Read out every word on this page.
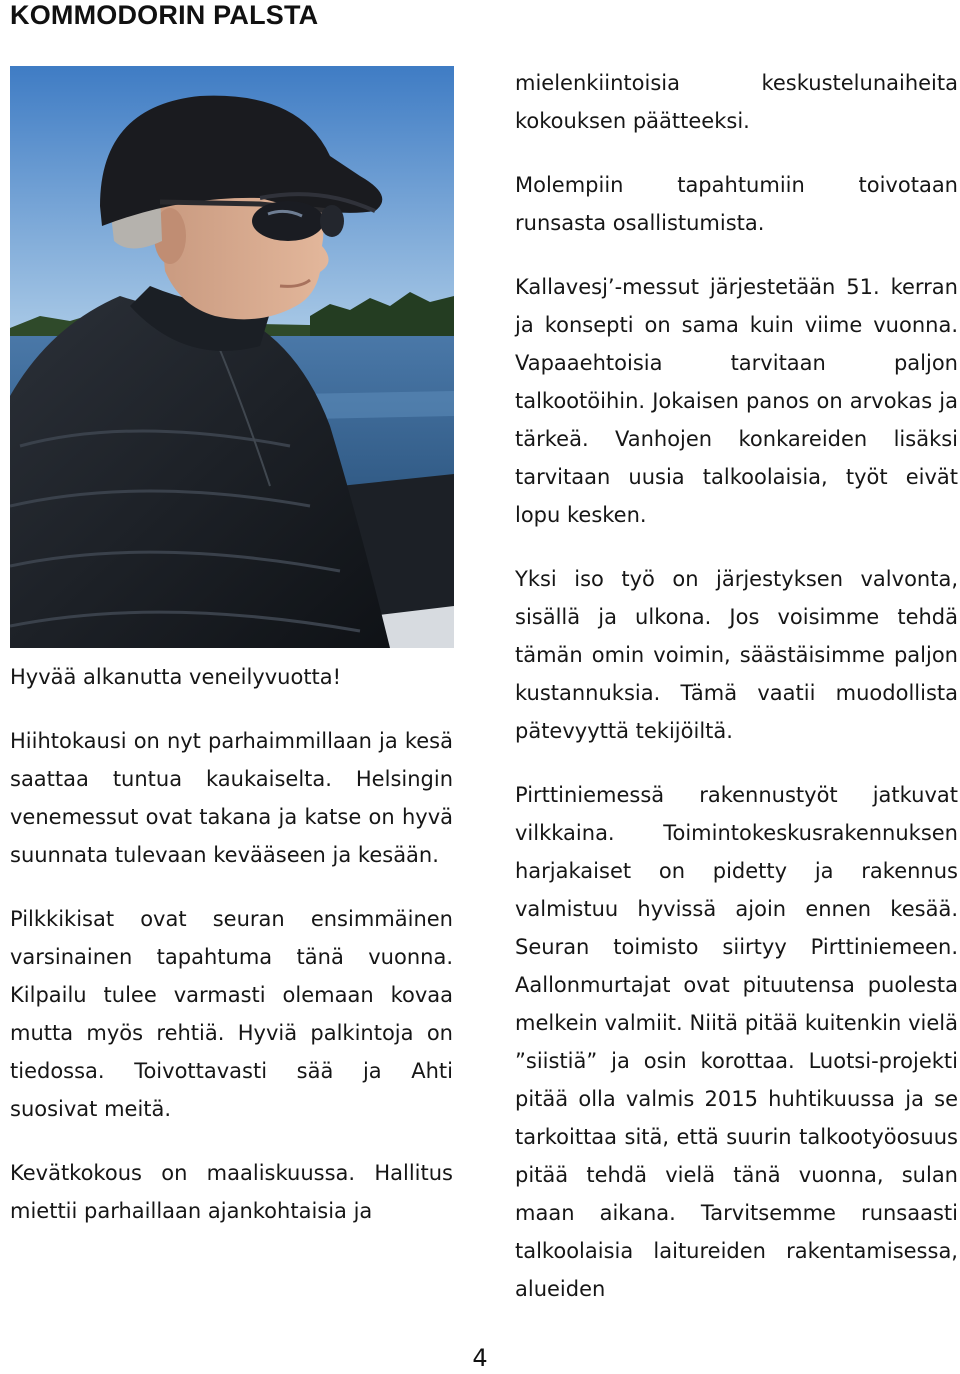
KOMMODORIN PALSTA

Hyvää alkanutta veneilyvuotta!

Hiihtokausi on nyt parhaimmillaan ja kesä saattaa tuntua kaukaiselta. Helsingin venemessut ovat takana ja katse on hyvä suunnata tulevaan kevääseen ja kesään.

Pilkkikisat ovat seuran ensimmäinen varsinainen tapahtuma tänä vuonna. Kilpailu tulee varmasti olemaan kovaa mutta myös rehtiä. Hyviä palkintoja on tiedossa. Toivottavasti sää ja Ahti suosivat meitä.

Kevätkokous on maaliskuussa. Hallitus miettii parhaillaan ajankohtaisia ja

mielenkiintoisia keskustelunaiheita kokouksen päätteeksi.

Molempiin tapahtumiin toivotaan runsasta osallistumista.

Kallavesj’-messut järjestetään 51. kerran ja konsepti on sama kuin viime vuonna. Vapaaehtoisia tarvitaan paljon talkootöihin. Jokaisen panos on arvokas ja tärkeä. Vanhojen konkareiden lisäksi tarvitaan uusia talkoolaisia, työt eivät lopu kesken.

Yksi iso työ on järjestyksen valvonta, sisällä ja ulkona. Jos voisimme tehdä tämän omin voimin, säästäisimme paljon kustannuksia. Tämä vaatii muodollista pätevyyttä tekijöiltä.

Pirttiniemessä rakennustyöt jatkuvat vilkkaina. Toimintokeskusrakennuksen harjakaiset on pidetty ja rakennus valmistuu hyvissä ajoin ennen kesää. Seuran toimisto siirtyy Pirttiniemeen. Aallonmurtajat ovat pituutensa puolesta melkein valmiit. Niitä pitää kuitenkin vielä ”siistiä” ja osin korottaa. Luotsi-projekti pitää olla valmis 2015 huhtikuussa ja se tarkoittaa sitä, että suurin talkootyöosuus pitää tehdä vielä tänä vuonna, sulan maan aikana. Tarvitsemme runsaasti talkoolaisia laitureiden rakentamisessa, alueiden

4
